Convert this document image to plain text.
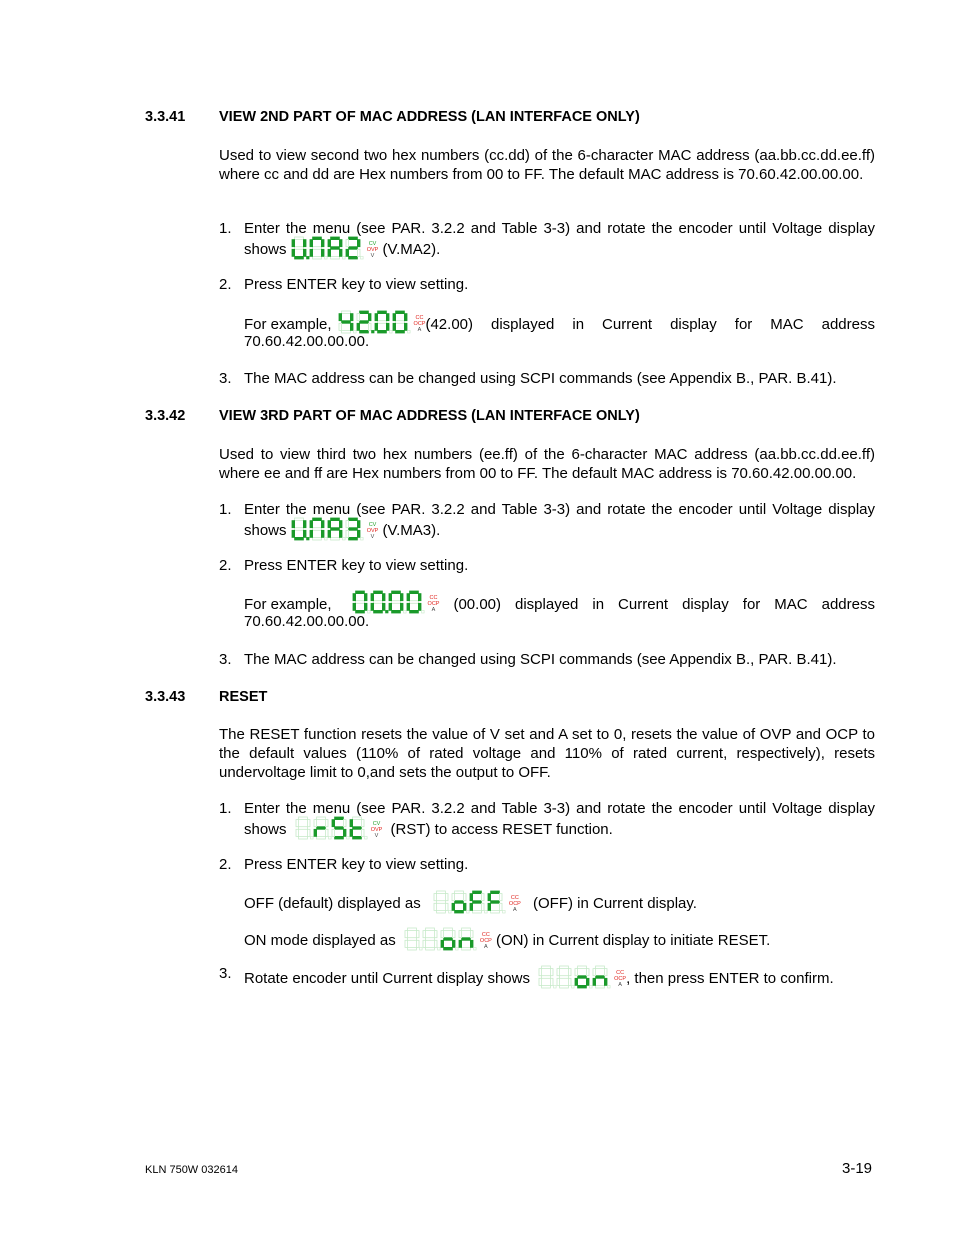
3.3.41 VIEW 2ND PART OF MAC ADDRESS (LAN INTERFACE ONLY)
Used to view second two hex numbers (cc.dd) of the 6-character MAC address (aa.bb.cc.dd.ee.ff) where cc and dd are Hex numbers from 00 to FF. The default MAC address is 70.60.42.00.00.00.
1. Enter the menu (see PAR. 3.2.2 and Table 3-3) and rotate the encoder until Voltage display
shows	CV
OVP
V (V.MA2).
2. Press ENTER key to view setting.
For example,	CC
OCP
A (42.00) displayed in Current display for MAC address
70.60.42.00.00.00.
3. The MAC address can be changed using SCPI commands (see Appendix B., PAR. B.41).
3.3.42 VIEW 3RD PART OF MAC ADDRESS (LAN INTERFACE ONLY)
Used to view third two hex numbers (ee.ff) of the 6-character MAC address (aa.bb.cc.dd.ee.ff) where ee and ff are Hex numbers from 00 to FF. The default MAC address is 70.60.42.00.00.00.
1. Enter the menu (see PAR. 3.2.2 and Table 3-3) and rotate the encoder until Voltage display
shows	CV
OVP
V (V.MA3).
2. Press ENTER key to view setting.
For example,	CC
OCP
A (00.00) displayed in Current display for MAC address
70.60.42.00.00.00.
3. The MAC address can be changed using SCPI commands (see Appendix B., PAR. B.41).
3.3.43 RESET
The RESET function resets the value of V set and A set to 0, resets the value of OVP and OCP to the default values (110% of rated voltage and 110% of rated current, respectively), resets undervoltage limit to 0,and sets the output to OFF.
1. Enter the menu (see PAR. 3.2.2 and Table 3-3) and rotate the encoder until Voltage display
shows	CV
OVP
V (RST) to access RESET function.
2. Press ENTER key to view setting.
OFF (default) displayed as	CC
OCP
A (OFF) in Current display.
ON mode displayed as	CC
OCP
A (ON) in Current display to initiate RESET.
3. Rotate encoder until Current display shows	CC
OCP
A , then press ENTER to confirm.
KLN 750W 032614	3-19
